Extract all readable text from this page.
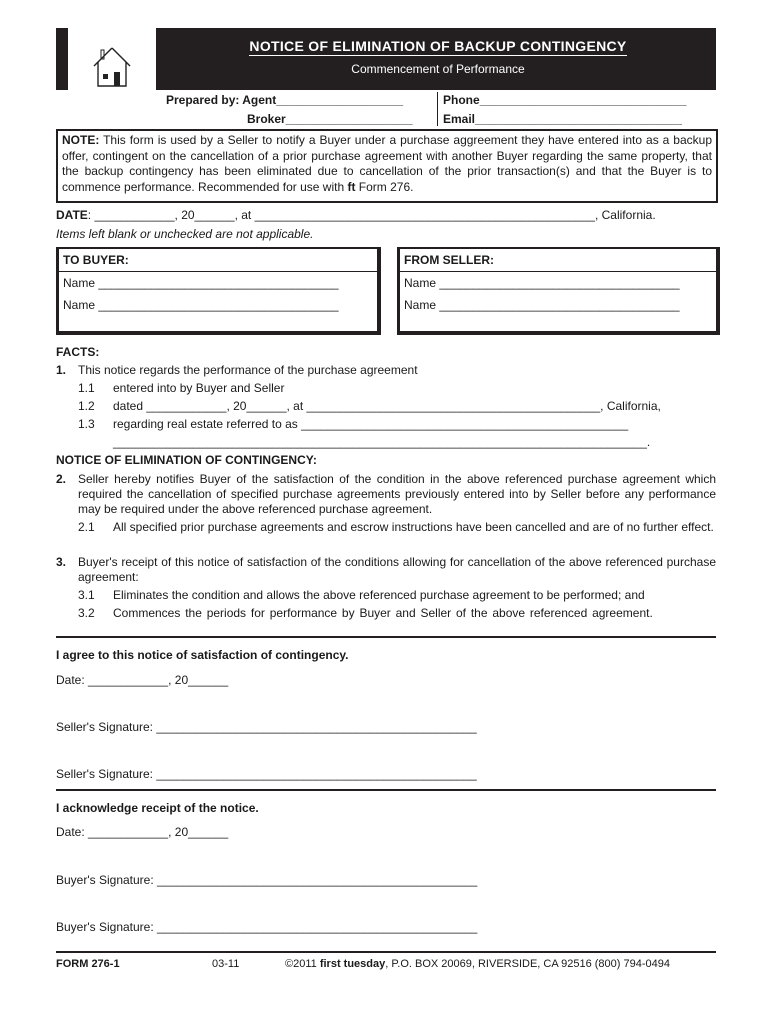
NOTICE OF ELIMINATION OF BACKUP CONTINGENCY
Commencement of Performance
Prepared by: Agent___________________
Broker___________________
Phone_______________________________
Email_______________________________
NOTE: This form is used by a Seller to notify a Buyer under a purchase aggreement they have entered into as a backup offer, contingent on the cancellation of a prior purchase agreement with another Buyer regarding the same property, that the backup contingency has been eliminated due to cancellation of the prior transaction(s) and that the Buyer is to commence performance. Recommended for use with ft Form 276.
DATE: ____________, 20______, at ___________________________________________________, California.
Items left blank or unchecked are not applicable.
TO BUYER:
Name ____________________________________
Name ____________________________________
FROM SELLER:
Name ____________________________________
Name ____________________________________
FACTS:
1. This notice regards the performance of the purchase agreement
1.1 entered into by Buyer and Seller
1.2 dated ____________, 20______, at ____________________________________________, California,
1.3 regarding real estate referred to as _________________________________________________
________________________________________________________________________________.
NOTICE OF ELIMINATION OF CONTINGENCY:
2. Seller hereby notifies Buyer of the satisfaction of the condition in the above referenced purchase agreement which required the cancellation of specified purchase agreements previously entered into by Seller before any performance may be required under the above referenced purchase agreement.
2.1 All specified prior purchase agreements and escrow instructions have been cancelled and are of no further effect.
3. Buyer's receipt of this notice of satisfaction of the conditions allowing for cancellation of the above referenced purchase agreement:
3.1 Eliminates the condition and allows the above referenced purchase agreement to be performed; and
3.2 Commences the periods for performance by Buyer and Seller of the above referenced agreement.
I agree to this notice of satisfaction of contingency.
Date: ____________, 20______
Seller's Signature: ________________________________________________
Seller's Signature: ________________________________________________
I acknowledge receipt of the notice.
Date: ____________, 20______
Buyer's Signature: ________________________________________________
Buyer's Signature: ________________________________________________
FORM 276-1	03-11	©2011 first tuesday, P.O. BOX 20069, RIVERSIDE, CA 92516 (800) 794-0494
